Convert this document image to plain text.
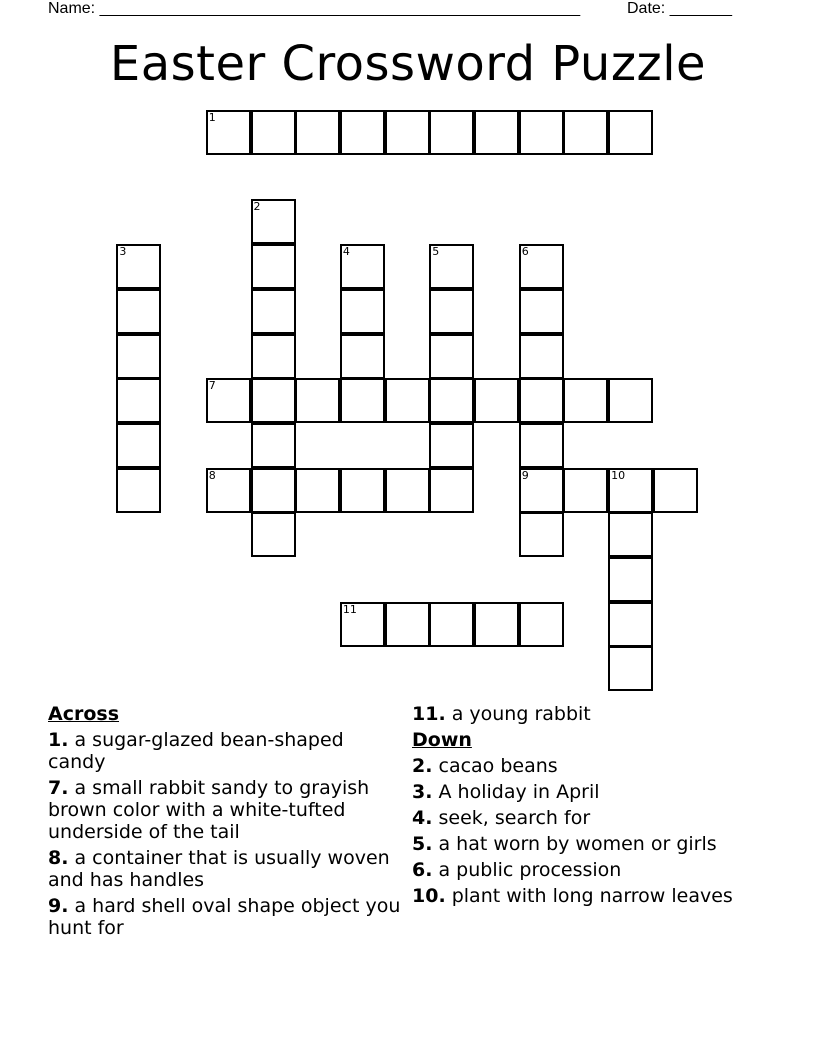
Name: ______________________________________________________	Date: _______
Easter Crossword Puzzle
1
2
3	4	5	6
7
8	9	10
11
Across
1. a sugar-glazed bean-shaped candy
7. a small rabbit sandy to grayish brown color with a white-tufted underside of the tail
8. a container that is usually woven and has handles
9. a hard shell oval shape object you hunt for
11. a young rabbit
Down
2. cacao beans
3. A holiday in April
4. seek, search for
5. a hat worn by women or girls
6. a public procession
10. plant with long narrow leaves
